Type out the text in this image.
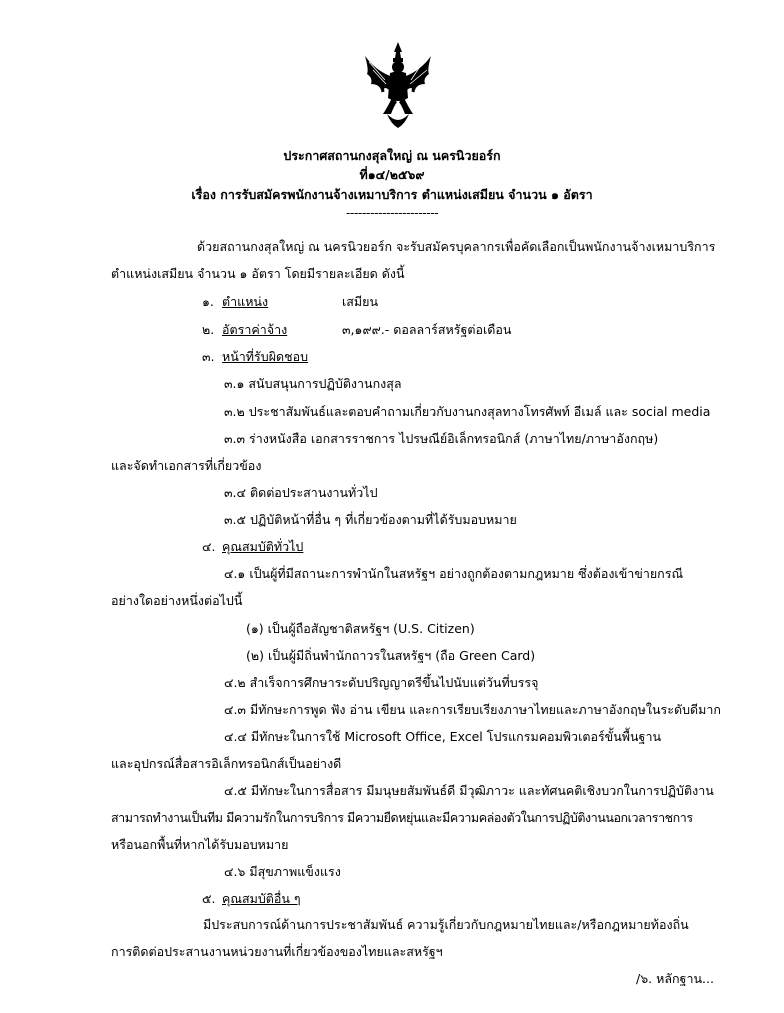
ประกาศสถานกงสุลใหญ่ ณ นครนิวยอร์ก

ที่๑๔/๒๕๖๙

เรื่อง การรับสมัครพนักงานจ้างเหมาบริการ ตำแหน่งเสมียน จำนวน ๑ อัตรา

-----------------------

ด้วยสถานกงสุลใหญ่ ณ นครนิวยอร์ก จะรับสมัครบุคลากรเพื่อคัดเลือกเป็นพนักงานจ้างเหมาบริการ

ตำแหน่งเสมียน จำนวน ๑ อัตรา โดยมีรายละเอียด ดังนี้

๑. ตำแหน่ง	เสมียน

๒. อัตราค่าจ้าง	๓,๑๙๙.- ดอลลาร์สหรัฐต่อเดือน

๓. หน้าที่รับผิดชอบ

๓.๑ สนับสนุนการปฏิบัติงานกงสุล

๓.๒ ประชาสัมพันธ์และตอบคำถามเกี่ยวกับงานกงสุลทางโทรศัพท์ อีเมล์ และ social media

๓.๓ ร่างหนังสือ เอกสารราชการ ไปรษณีย์อิเล็กทรอนิกส์ (ภาษาไทย/ภาษาอังกฤษ)

และจัดทำเอกสารที่เกี่ยวข้อง

๓.๔ ติดต่อประสานงานทั่วไป

๓.๕ ปฏิบัติหน้าที่อื่น ๆ ที่เกี่ยวข้องตามที่ได้รับมอบหมาย

๔. คุณสมบัติทั่วไป

๔.๑ เป็นผู้ที่มีสถานะการพำนักในสหรัฐฯ อย่างถูกต้องตามกฎหมาย ซึ่งต้องเข้าข่ายกรณี

อย่างใดอย่างหนึ่งต่อไปนี้

(๑) เป็นผู้ถือสัญชาติสหรัฐฯ (U.S. Citizen)

(๒) เป็นผู้มีถิ่นพำนักถาวรในสหรัฐฯ (ถือ Green Card)

๔.๒ สำเร็จการศึกษาระดับปริญญาตรีขึ้นไปนับแต่วันที่บรรจุ

๔.๓ มีทักษะการพูด ฟัง อ่าน เขียน และการเรียบเรียงภาษาไทยและภาษาอังกฤษในระดับดีมาก

๔.๔ มีทักษะในการใช้ Microsoft Office, Excel โปรแกรมคอมพิวเตอร์ขั้นพื้นฐาน

และอุปกรณ์สื่อสารอิเล็กทรอนิกส์เป็นอย่างดี

๔.๕ มีทักษะในการสื่อสาร มีมนุษยสัมพันธ์ดี มีวุฒิภาวะ และทัศนคติเชิงบวกในการปฏิบัติงาน

สามารถทำงานเป็นทีม มีความรักในการบริการ มีความยืดหยุ่นและมีความคล่องตัวในการปฏิบัติงานนอกเวลาราชการ

หรือนอกพื้นที่หากได้รับมอบหมาย

๔.๖ มีสุขภาพแข็งแรง

๕. คุณสมบัติอื่น ๆ

มีประสบการณ์ด้านการประชาสัมพันธ์ ความรู้เกี่ยวกับกฎหมายไทยและ/หรือกฎหมายท้องถิ่น

การติดต่อประสานงานหน่วยงานที่เกี่ยวข้องของไทยและสหรัฐฯ

/๖. หลักฐาน...
